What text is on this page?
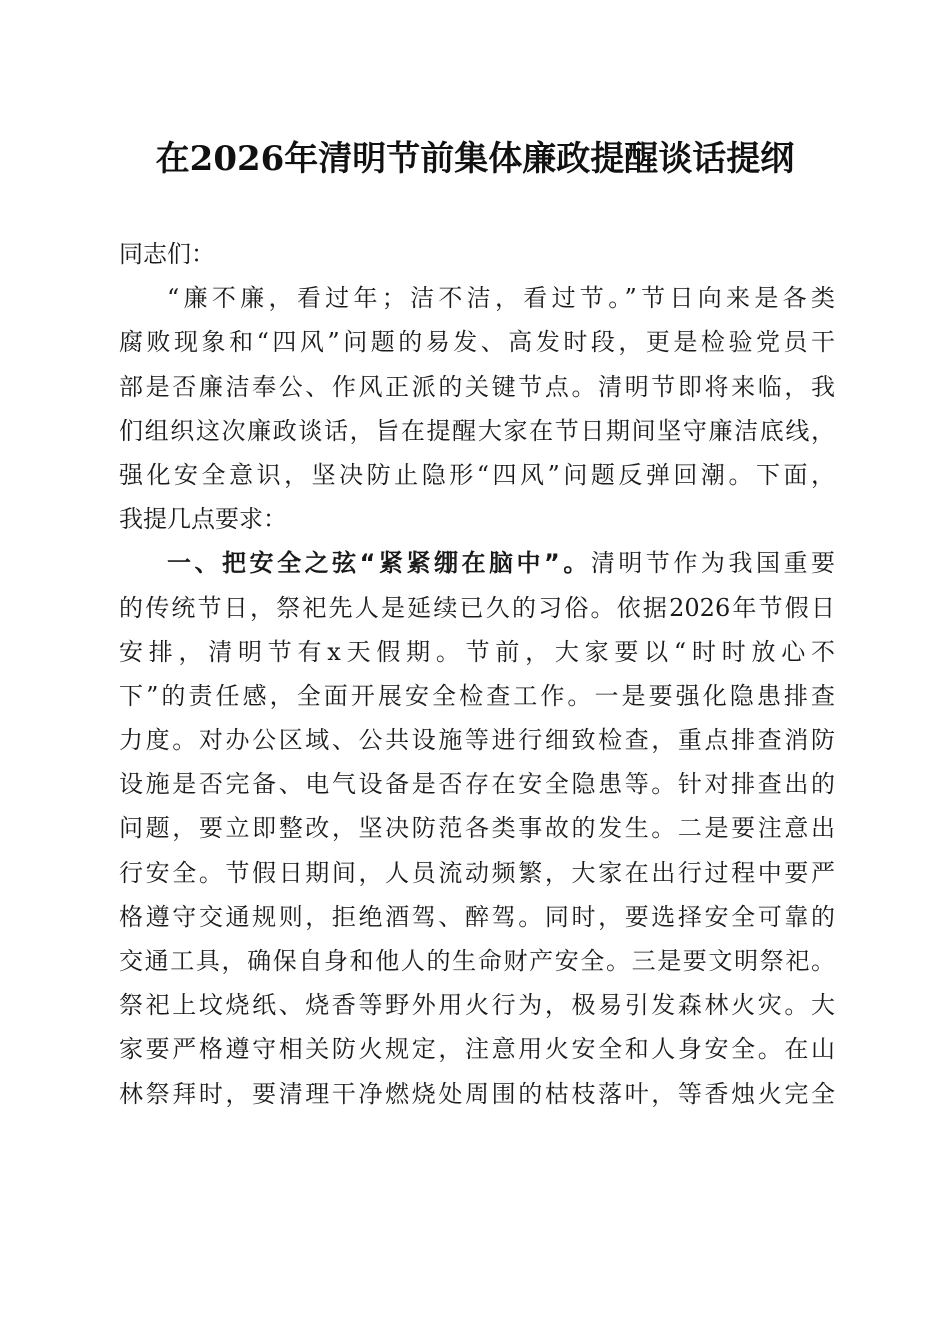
在2026年清明节前集体廉政提醒谈话提纲
同志们：
“廉不廉，看过年；洁不洁，看过节。”节日向来是各类
腐败现象和“四风”问题的易发、高发时段，更是检验党员干
部是否廉洁奉公、作风正派的关键节点。清明节即将来临，我
们组织这次廉政谈话，旨在提醒大家在节日期间坚守廉洁底线，
强化安全意识，坚决防止隐形“四风”问题反弹回潮。下面，
我提几点要求：
一、把安全之弦“紧紧绷在脑中”。清明节作为我国重要
的传统节日，祭祀先人是延续已久的习俗。依据2026年节假日
安排，清明节有x天假期。节前，大家要以“时时放心不
下”的责任感，全面开展安全检查工作。一是要强化隐患排查
力度。对办公区域、公共设施等进行细致检查，重点排查消防
设施是否完备、电气设备是否存在安全隐患等。针对排查出的
问题，要立即整改，坚决防范各类事故的发生。二是要注意出
行安全。节假日期间，人员流动频繁，大家在出行过程中要严
格遵守交通规则，拒绝酒驾、醉驾。同时，要选择安全可靠的
交通工具，确保自身和他人的生命财产安全。三是要文明祭祀。
祭祀上坟烧纸、烧香等野外用火行为，极易引发森林火灾。大
家要严格遵守相关防火规定，注意用火安全和人身安全。在山
林祭拜时，要清理干净燃烧处周围的枯枝落叶，等香烛火完全
